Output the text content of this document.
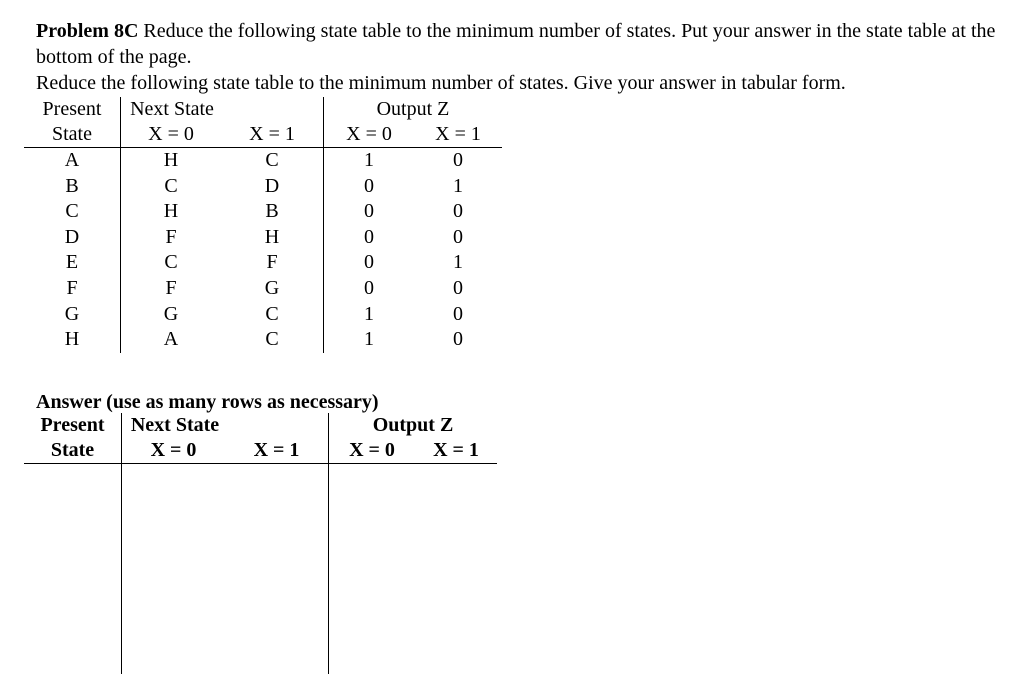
Problem 8C Reduce the following state table to the minimum number of states. Put your answer in the state table at the bottom of the page.

Reduce the following state table to the minimum number of states. Give your answer in tabular form.

Present	Next State		Output Z	
State	X = 0	X = 1	X = 0	X = 1
A	H	C	1	0
B	C	D	0	1
C	H	B	0	0
D	F	H	0	0
E	C	F	0	1
F	F	G	0	0
G	G	C	1	0
H	A	C	1	0
Answer (use as many rows as necessary)
Present	Next State		Output Z	
State	X = 0	X = 1	X = 0	X = 1
